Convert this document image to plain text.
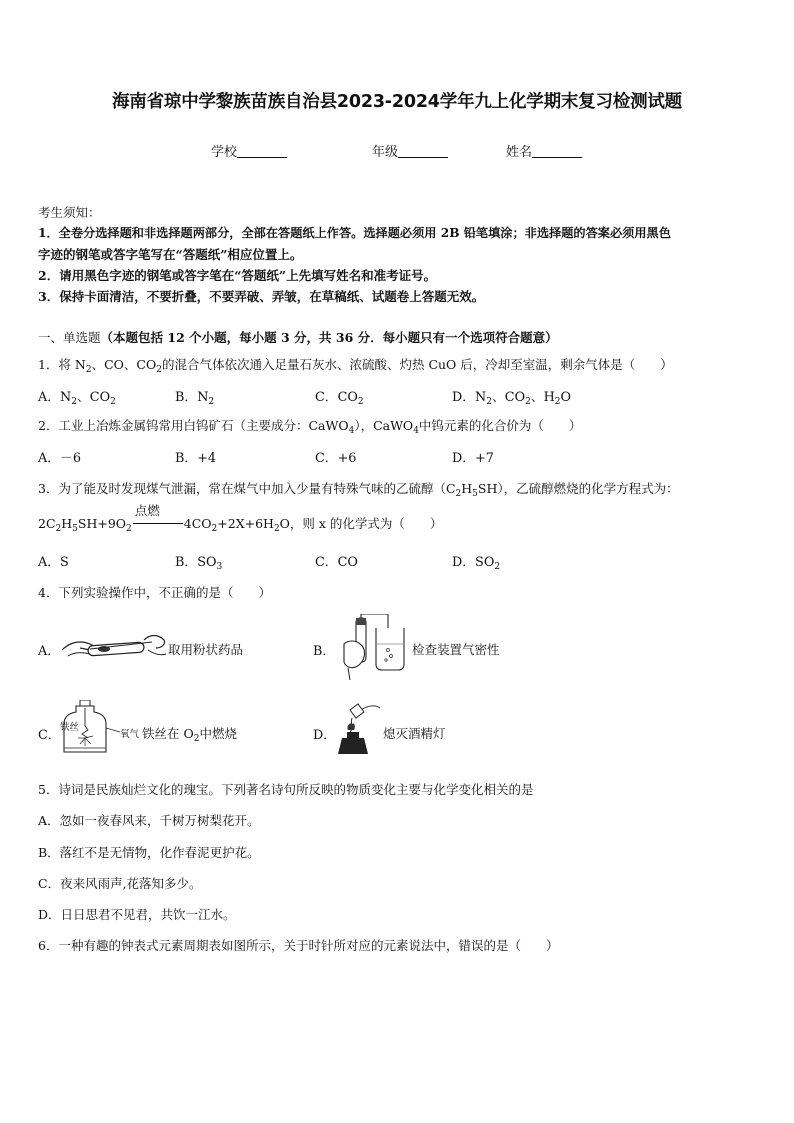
海南省琼中学黎族苗族自治县2023-2024学年九上化学期末复习检测试题
学校	年级	姓名
考生须知：
1．全卷分选择题和非选择题两部分，全部在答题纸上作答。选择题必须用 2B 铅笔填涂；非选择题的答案必须用黑色
字迹的钢笔或答字笔写在“答题纸”相应位置上。
2．请用黑色字迹的钢笔或答字笔在“答题纸”上先填写姓名和准考证号。
3．保持卡面清洁，不要折叠，不要弄破、弄皱，在草稿纸、试题卷上答题无效。
一、单选题（本题包括 12 个小题，每小题 3 分，共 36 分．每小题只有一个选项符合题意）
1．将 $N_2$、CO、$CO_2$的混合气体依次通入足量石灰水、浓硫酸、灼热 CuO 后，冷却至室温，剩余气体是（　　）
A．$N_2$、$CO_2$	B．$N_2$	C．$CO_2$	D．$N_2$、$CO_2$、$H_2O$
2．工业上冶炼金属钨常用白钨矿石（主要成分：CaWO$_4$），CaWO$_4$中钨元素的化合价为（　　）
A．－6	B．+4	C．+6	D．+7
3．为了能及时发现煤气泄漏，常在煤气中加入少量有特殊气味的乙硫醇$(C_2H_5SH)$，乙硫醇燃烧的化学方程式为：
$2C_2H_5SH+9O_2$
点燃
$4CO_2+2X+6H_2O$，则 x 的化学式为（　　）
A．S	B．$SO_3$	C．CO	D．$SO_2$
4．下列实验操作中，不正确的是（　　）
A．	取用粉状药品	B．	检查装置气密性
C．
铁丝
氧气 铁丝在 $O_2$中燃烧	D．	熄灭酒精灯
5．诗词是民族灿烂文化的瑰宝。下列著名诗句所反映的物质变化主要与化学变化相关的是
A．忽如一夜春风来，千树万树梨花开。
B．落红不是无情物，化作春泥更护花。
C．夜来风雨声,花落知多少。
D．日日思君不见君，共饮一江水。
6．一种有趣的钟表式元素周期表如图所示，关于时针所对应的元素说法中，错误的是（　　）
